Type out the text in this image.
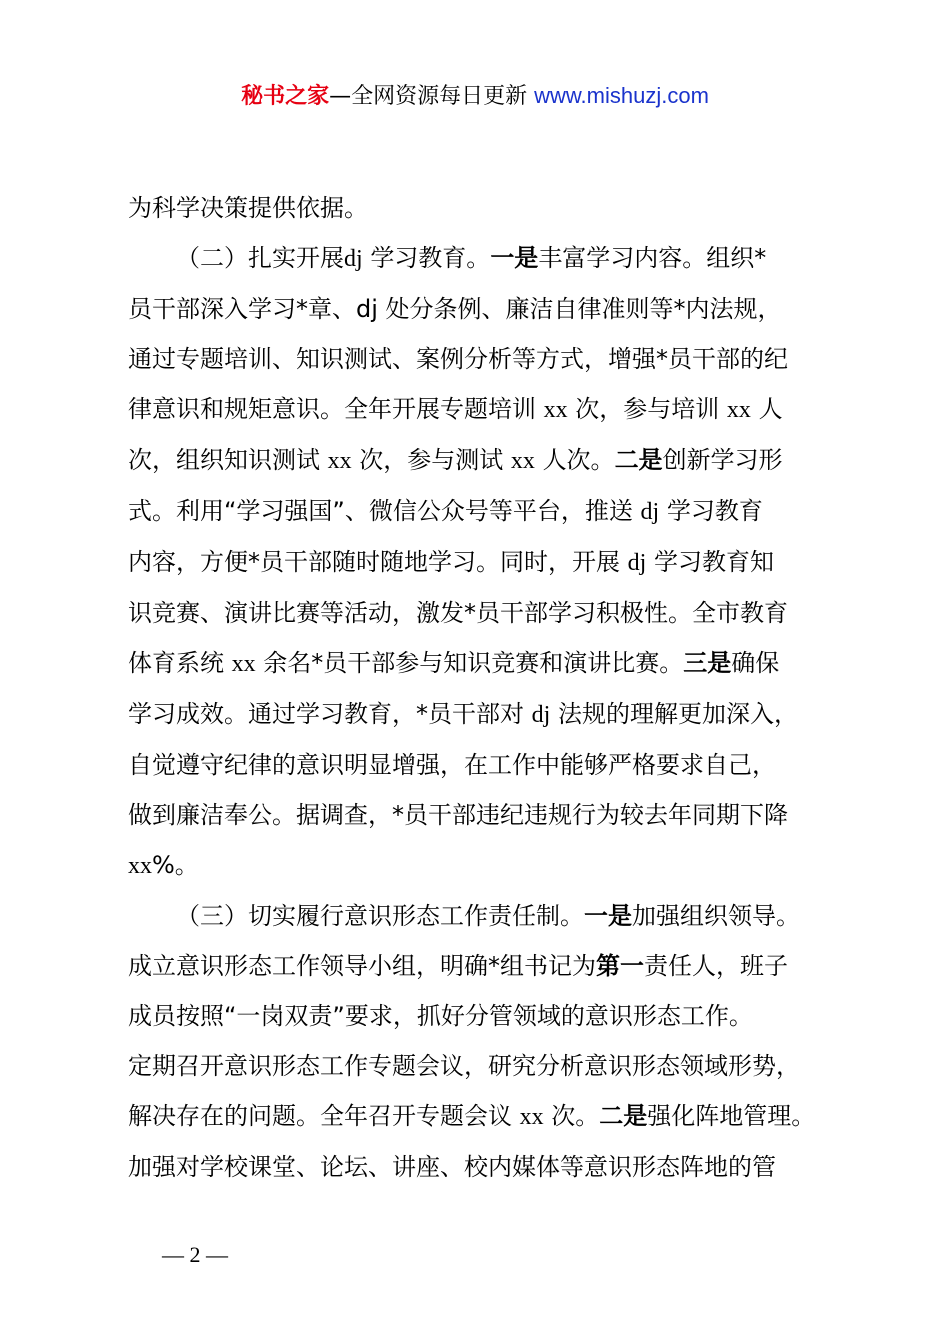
秘书之家—全网资源每日更新 www.mishuzj.com

为科学决策提供依据。

（二）扎实开展dj 学习教育。一是丰富学习内容。组织*

员干部深入学习*章、dj 处分条例、廉洁自律准则等*内法规，

通过专题培训、知识测试、案例分析等方式，增强*员干部的纪

律意识和规矩意识。全年开展专题培训 xx 次，参与培训 xx 人

次，组织知识测试 xx 次，参与测试 xx 人次。二是创新学习形

式。利用“学习强国”、微信公众号等平台，推送 dj 学习教育

内容，方便*员干部随时随地学习。同时，开展 dj 学习教育知

识竞赛、演讲比赛等活动，激发*员干部学习积极性。全市教育

体育系统 xx 余名*员干部参与知识竞赛和演讲比赛。三是确保

学习成效。通过学习教育，*员干部对 dj 法规的理解更加深入，

自觉遵守纪律的意识明显增强，在工作中能够严格要求自己，

做到廉洁奉公。据调查，*员干部违纪违规行为较去年同期下降

xx%。

（三）切实履行意识形态工作责任制。一是加强组织领导。

成立意识形态工作领导小组，明确*组书记为第一责任人，班子

成员按照“一岗双责”要求，抓好分管领域的意识形态工作。

定期召开意识形态工作专题会议，研究分析意识形态领域形势，

解决存在的问题。全年召开专题会议 xx 次。二是强化阵地管理。

加强对学校课堂、论坛、讲座、校内媒体等意识形态阵地的管

— 2 —
